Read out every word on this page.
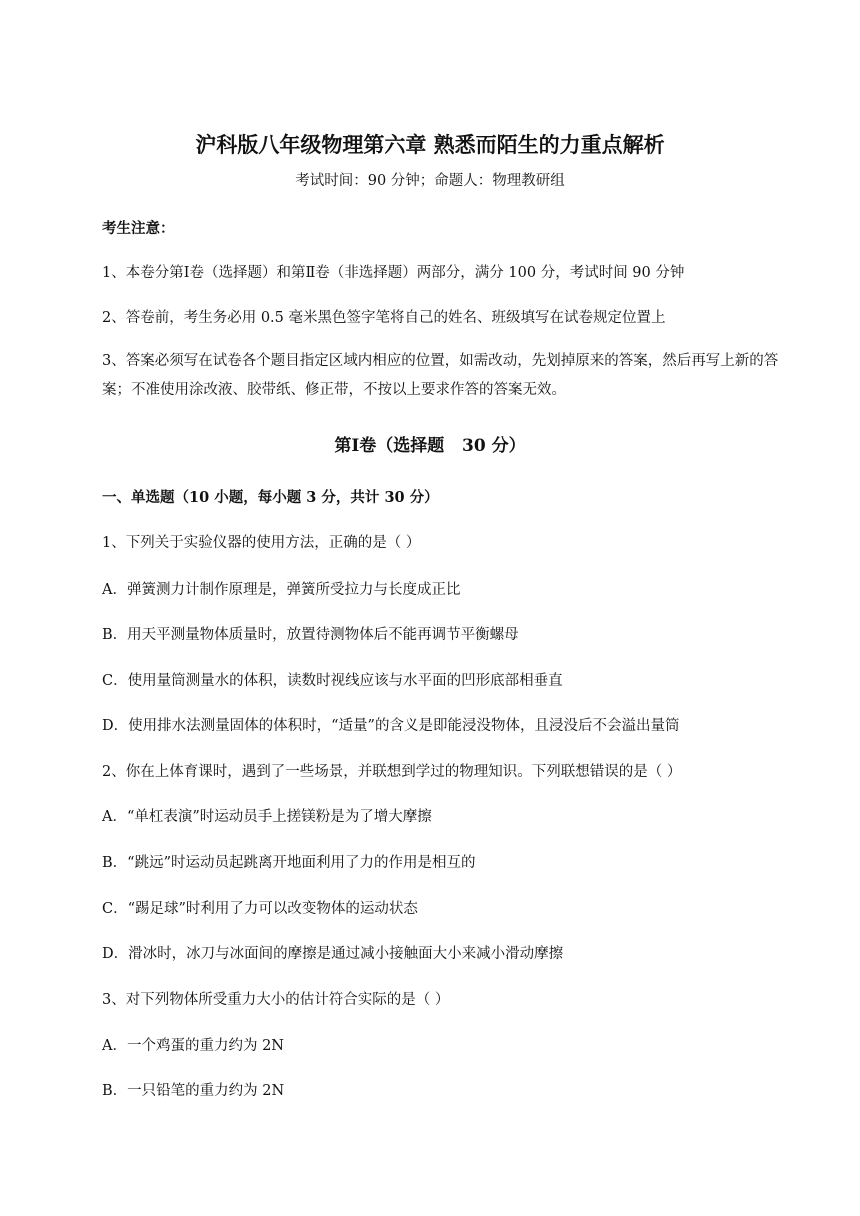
沪科版八年级物理第六章 熟悉而陌生的力重点解析
考试时间：90 分钟；命题人：物理教研组
考生注意：
1、本卷分第Ⅰ卷（选择题）和第Ⅱ卷（非选择题）两部分，满分 100 分，考试时间 90 分钟
2、答卷前，考生务必用 0.5 毫米黑色签字笔将自己的姓名、班级填写在试卷规定位置上
3、答案必须写在试卷各个题目指定区域内相应的位置，如需改动，先划掉原来的答案，然后再写上新的答案；不准使用涂改液、胶带纸、修正带，不按以上要求作答的答案无效。
第Ⅰ卷（选择题   30 分）
一、单选题（10 小题，每小题 3 分，共计 30 分）
1、下列关于实验仪器的使用方法，正确的是（ ）
A．弹簧测力计制作原理是，弹簧所受拉力与长度成正比
B．用天平测量物体质量时，放置待测物体后不能再调节平衡螺母
C．使用量筒测量水的体积，读数时视线应该与水平面的凹形底部相垂直
D．使用排水法测量固体的体积时，“适量”的含义是即能浸没物体，且浸没后不会溢出量筒
2、你在上体育课时，遇到了一些场景，并联想到学过的物理知识。下列联想错误的是（ ）
A．“单杠表演”时运动员手上搓镁粉是为了增大摩擦
B．“跳远”时运动员起跳离开地面利用了力的作用是相互的
C．“踢足球”时利用了力可以改变物体的运动状态
D．滑冰时，冰刀与冰面间的摩擦是通过减小接触面大小来减小滑动摩擦
3、对下列物体所受重力大小的估计符合实际的是（ ）
A．一个鸡蛋的重力约为 2N
B．一只铅笔的重力约为 2N
